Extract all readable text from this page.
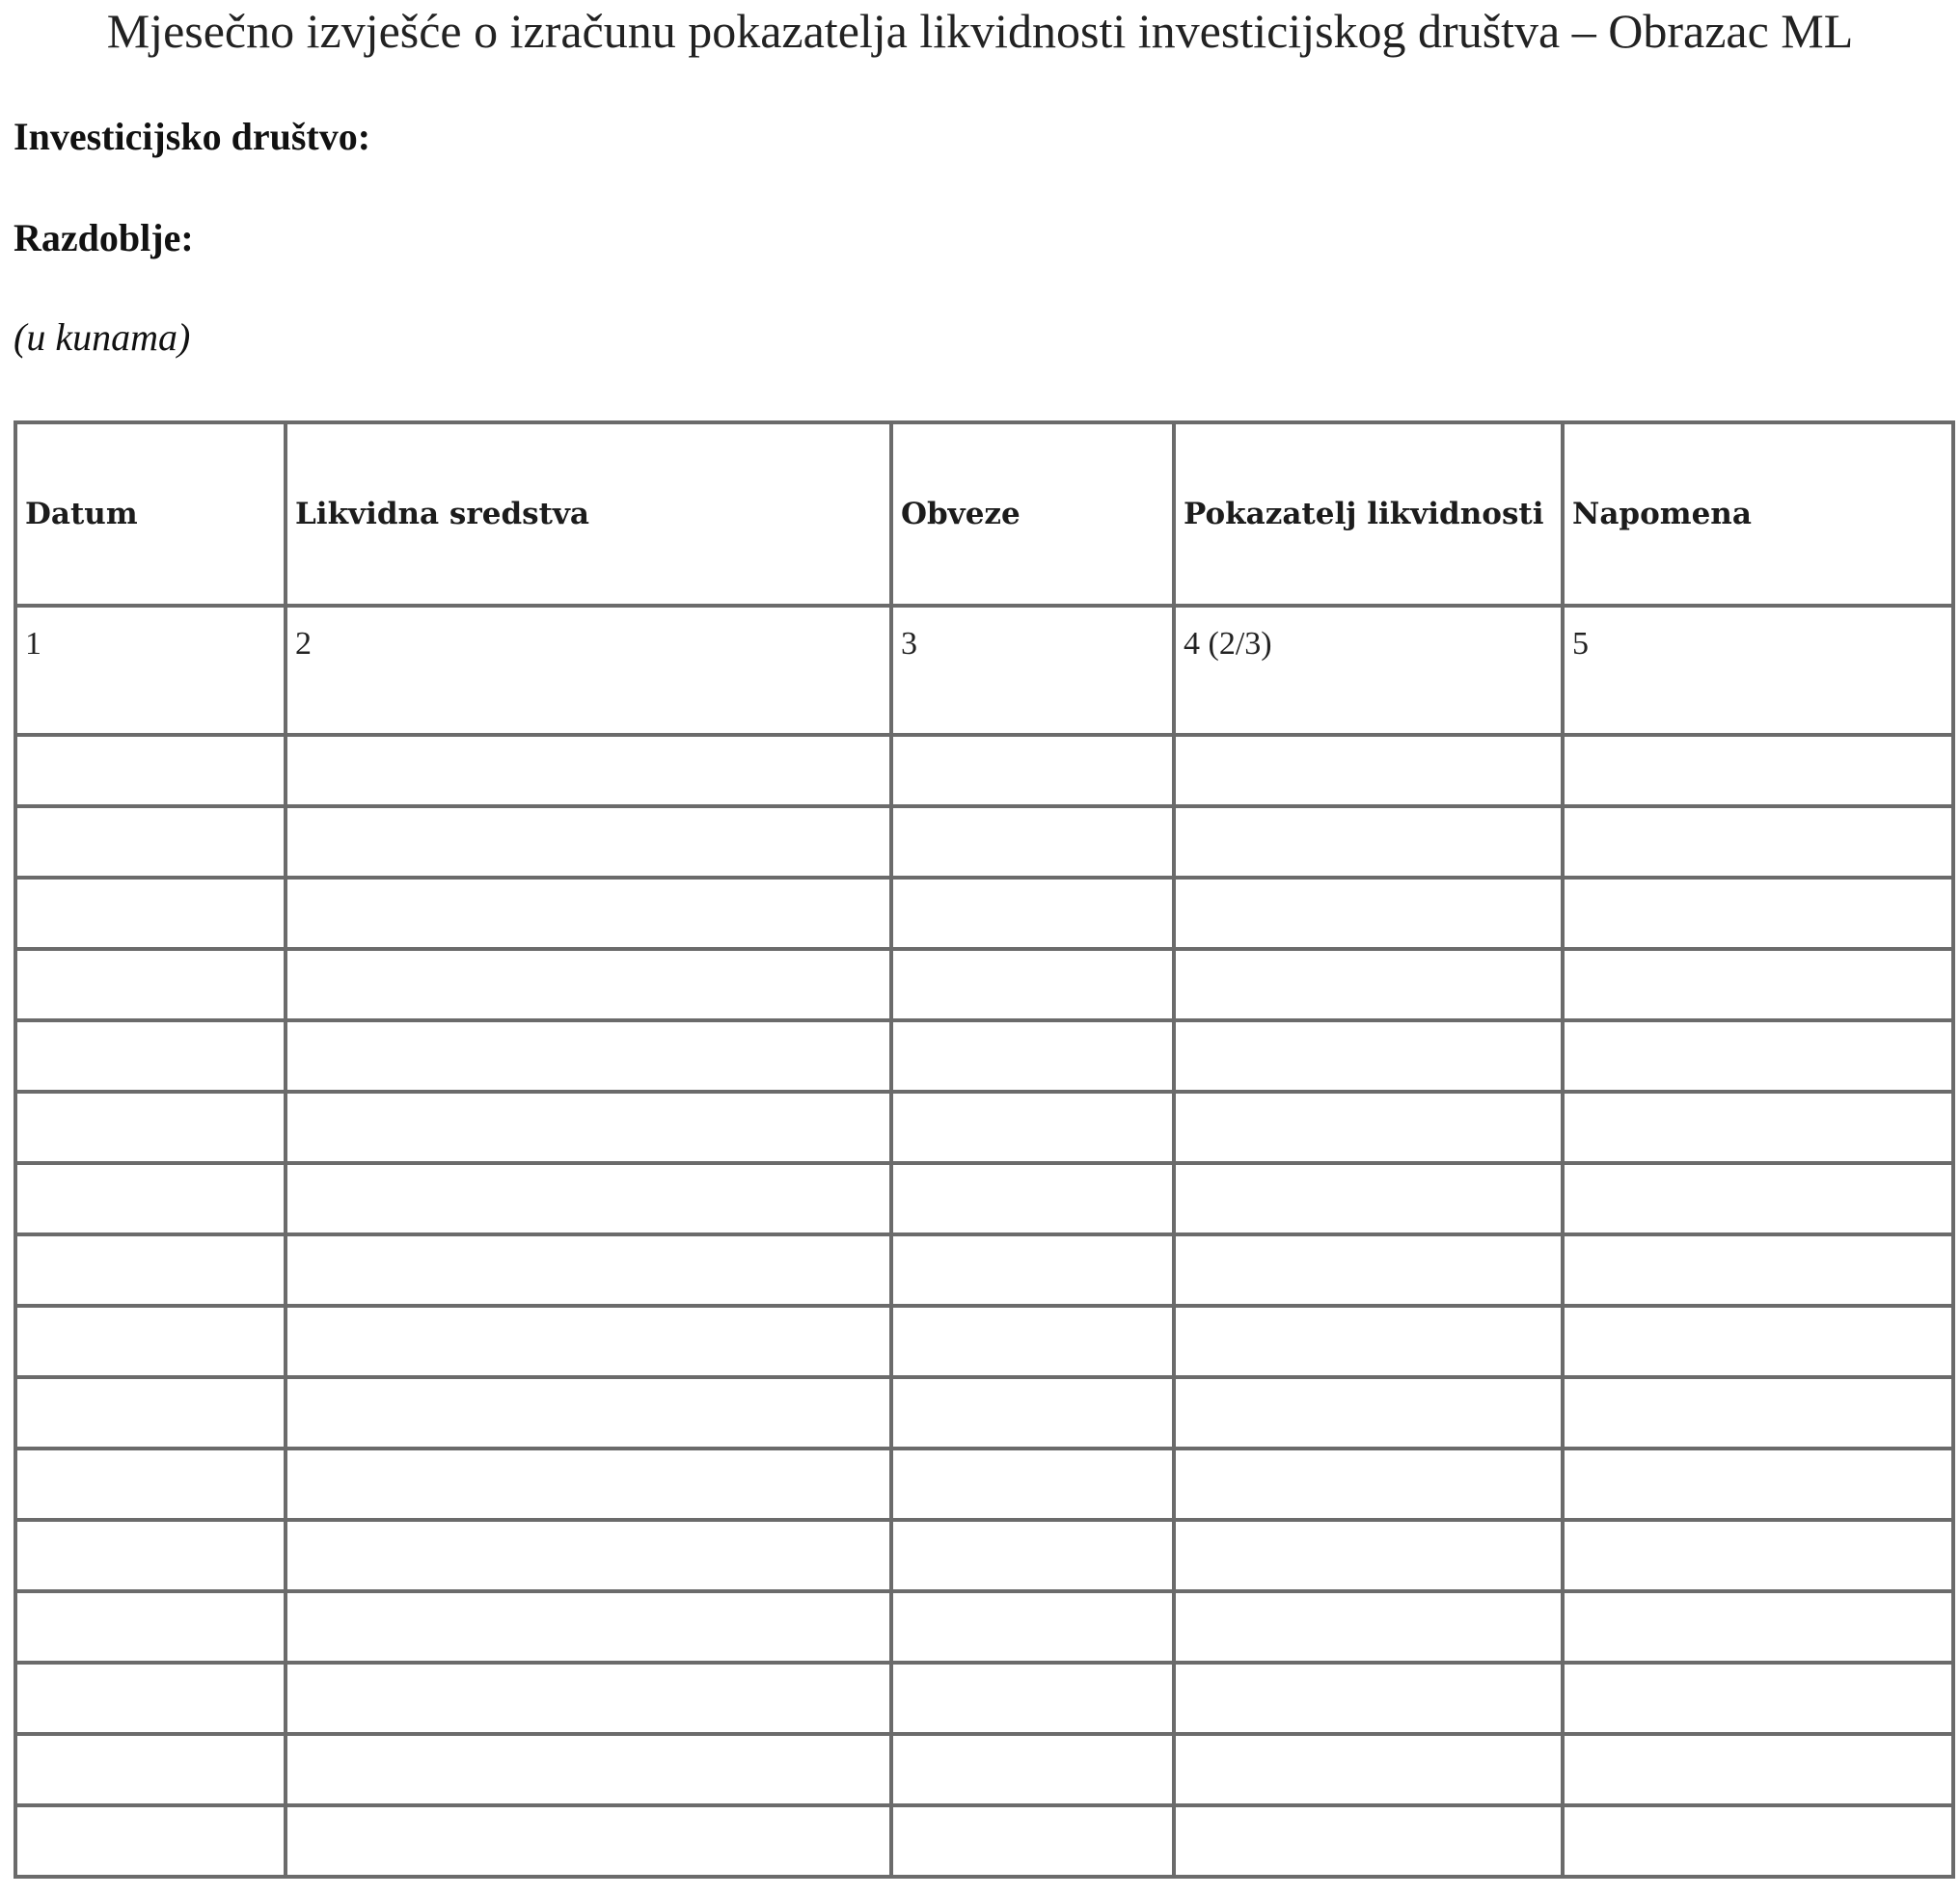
Mjesečno izvješće o izračunu pokazatelja likvidnosti investicijskog društva – Obrazac ML
Investicijsko društvo:
Razdoblje:
(u kunama)
Datum	Likvidna sredstva	Obveze	Pokazatelj likvidnosti	Napomena

1	2	3	4 (2/3)	5
